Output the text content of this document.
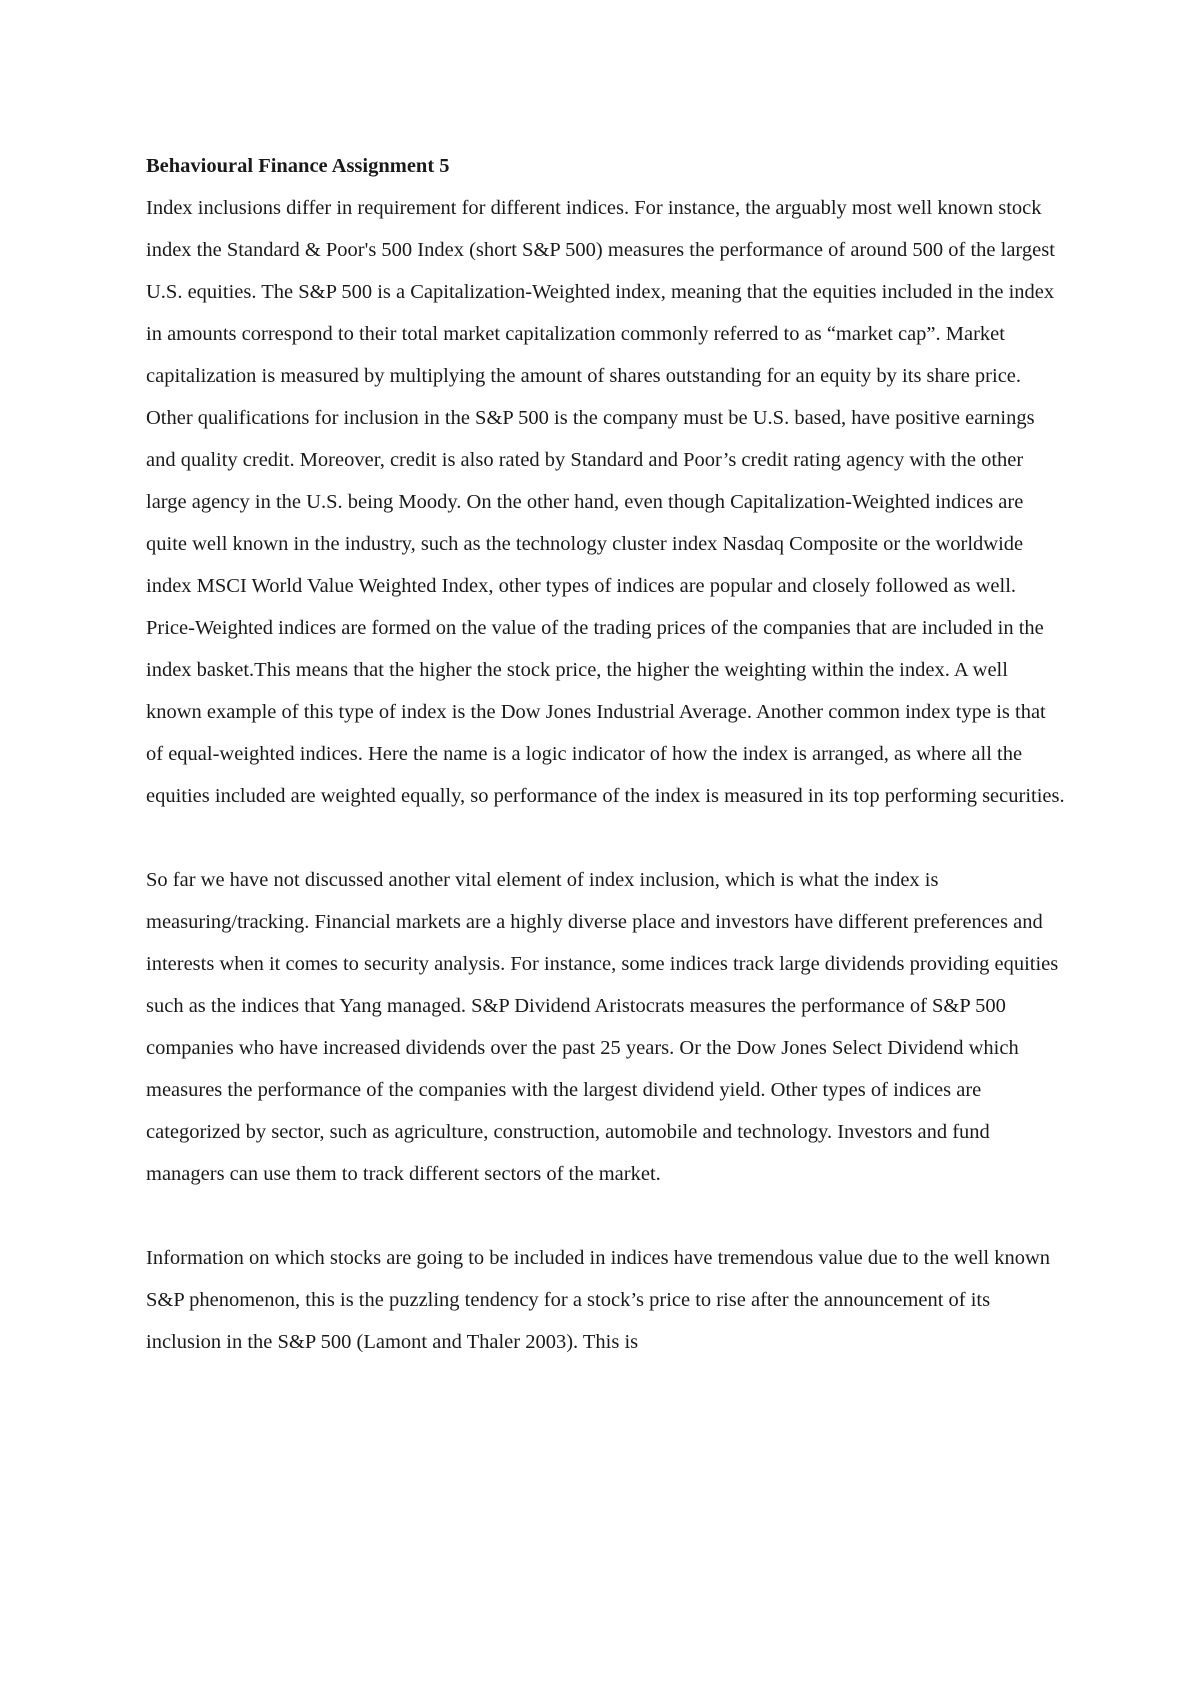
Behavioural Finance Assignment 5

Index inclusions differ in requirement for different indices. For instance, the arguably most well known stock index the Standard & Poor's 500 Index (short S&P 500) measures the performance of around 500 of the largest U.S. equities. The S&P 500 is a Capitalization-Weighted index, meaning that the equities included in the index in amounts correspond to their total market capitalization commonly referred to as “market cap”. Market capitalization is measured by multiplying the amount of shares outstanding for an equity by its share price. Other qualifications for inclusion in the S&P 500 is the company must be U.S. based, have positive earnings and quality credit. Moreover, credit is also rated by Standard and Poor’s credit rating agency with the other large agency in the U.S. being Moody. On the other hand, even though Capitalization-Weighted indices are quite well known in the industry, such as the technology cluster index Nasdaq Composite or the worldwide index MSCI World Value Weighted Index, other types of indices are popular and closely followed as well. Price-Weighted indices are formed on the value of the trading prices of the companies that are included in the index basket.This means that the higher the stock price, the higher the weighting within the index. A well known example of this type of index is the Dow Jones Industrial Average. Another common index type is that of equal-weighted indices. Here the name is a logic indicator of how the index is arranged, as where all the equities included are weighted equally, so performance of the index is measured in its top performing securities.

So far we have not discussed another vital element of index inclusion, which is what the index is measuring/tracking. Financial markets are a highly diverse place and investors have different preferences and interests when it comes to security analysis. For instance, some indices track large dividends providing equities such as the indices that Yang managed. S&P Dividend Aristocrats measures the performance of S&P 500 companies who have increased dividends over the past 25 years. Or the Dow Jones Select Dividend which measures the performance of the companies with the largest dividend yield. Other types of indices are categorized by sector, such as agriculture, construction, automobile and technology. Investors and fund managers can use them to track different sectors of the market.

Information on which stocks are going to be included in indices have tremendous value due to the well known S&P phenomenon, this is the puzzling tendency for a stock’s price to rise after the announcement of its inclusion in the S&P 500 (Lamont and Thaler 2003). This is
